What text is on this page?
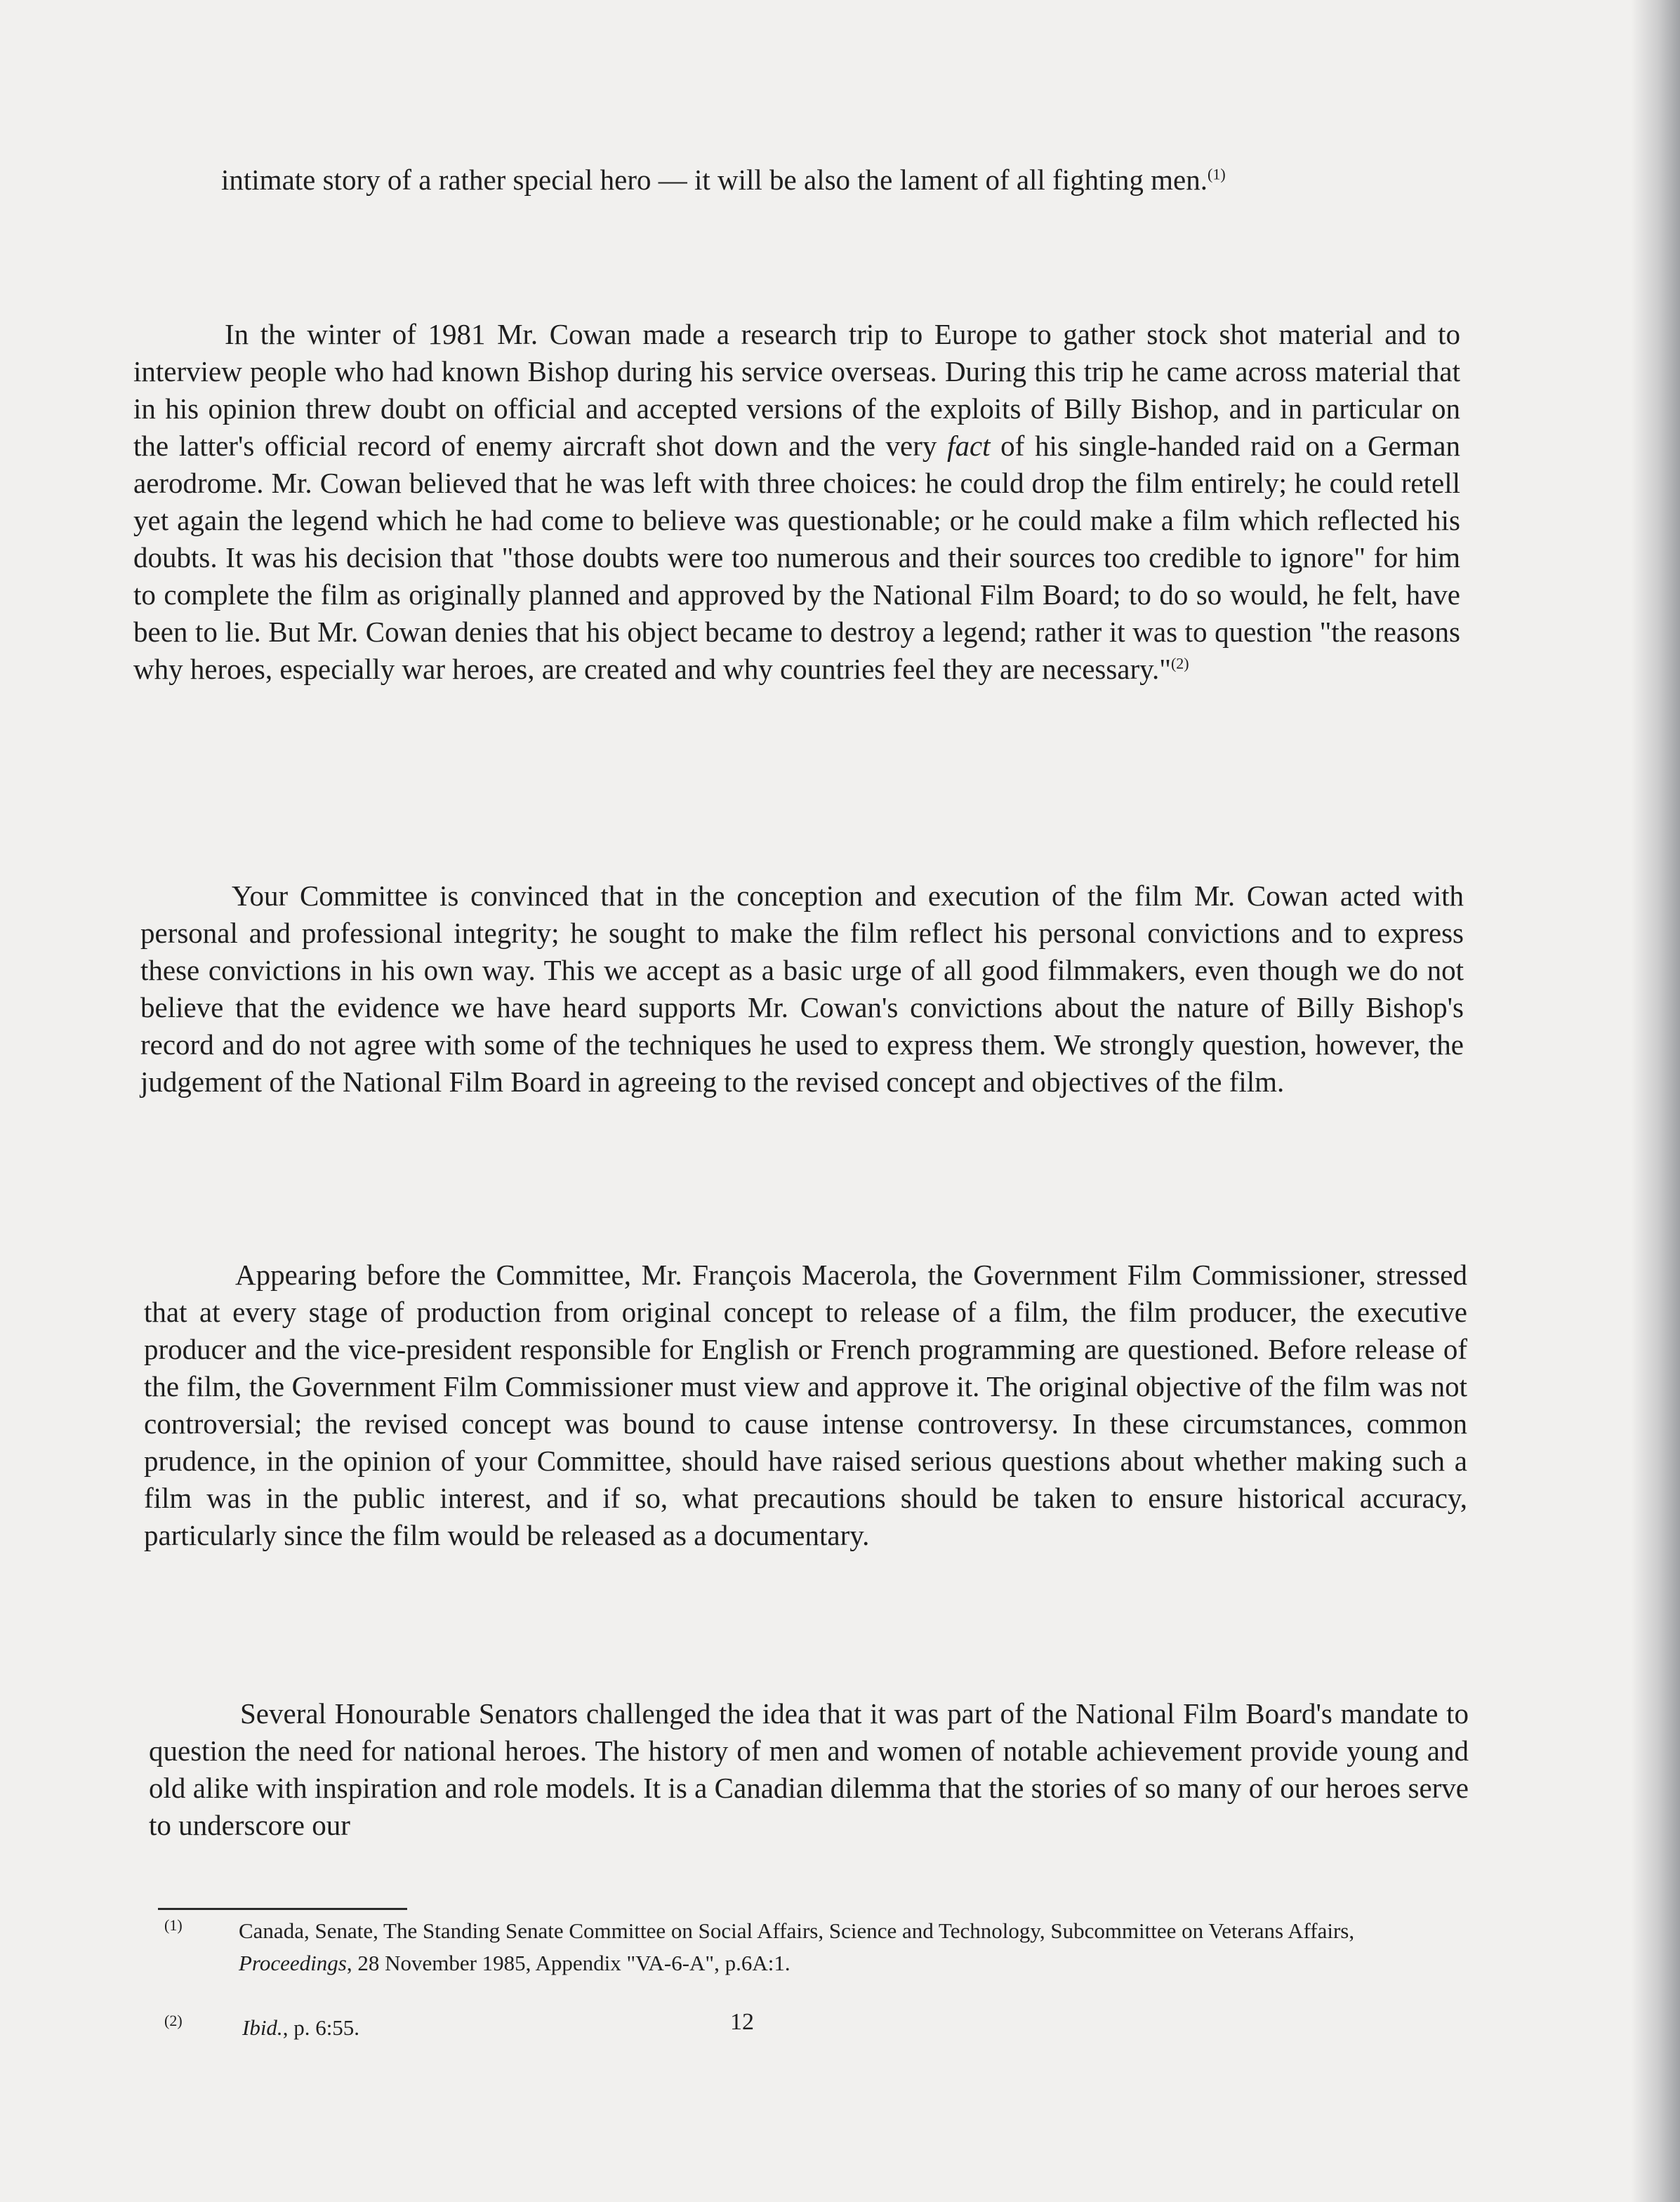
intimate story of a rather special hero — it will be also the lament of all fighting men.$^{(1)}$

In the winter of 1981 Mr. Cowan made a research trip to Europe to gather stock shot material and to interview people who had known Bishop during his service overseas. During this trip he came across material that in his opinion threw doubt on official and accepted versions of the exploits of Billy Bishop, and in particular on the latter's official record of enemy aircraft shot down and the very fact of his single-handed raid on a German aerodrome. Mr. Cowan believed that he was left with three choices: he could drop the film entirely; he could retell yet again the legend which he had come to believe was questionable; or he could make a film which reflected his doubts. It was his decision that "those doubts were too numerous and their sources too credible to ignore" for him to complete the film as originally planned and approved by the National Film Board; to do so would, he felt, have been to lie. But Mr. Cowan denies that his object became to destroy a legend; rather it was to question "the reasons why heroes, especially war heroes, are created and why countries feel they are necessary."$^{(2)}$

Your Committee is convinced that in the conception and execution of the film Mr. Cowan acted with personal and professional integrity; he sought to make the film reflect his personal convictions and to express these convictions in his own way. This we accept as a basic urge of all good filmmakers, even though we do not believe that the evidence we have heard supports Mr. Cowan's convictions about the nature of Billy Bishop's record and do not agree with some of the techniques he used to express them. We strongly question, however, the judgement of the National Film Board in agreeing to the revised concept and objectives of the film.

Appearing before the Committee, Mr. François Macerola, the Government Film Commissioner, stressed that at every stage of production from original concept to release of a film, the film producer, the executive producer and the vice-president responsible for English or French programming are questioned. Before release of the film, the Government Film Commissioner must view and approve it. The original objective of the film was not controversial; the revised concept was bound to cause intense controversy. In these circumstances, common prudence, in the opinion of your Committee, should have raised serious questions about whether making such a film was in the public interest, and if so, what precautions should be taken to ensure historical accuracy, particularly since the film would be released as a documentary.

Several Honourable Senators challenged the idea that it was part of the National Film Board's mandate to question the need for national heroes. The history of men and women of notable achievement provide young and old alike with inspiration and role models. It is a Canadian dilemma that the stories of so many of our heroes serve to underscore our

(1)	Canada, Senate, The Standing Senate Committee on Social Affairs, Science and Technology, Subcommittee on Veterans Affairs, Proceedings, 28 November 1985, Appendix "VA-6-A", p.6A:1.
(2)	Ibid., p. 6:55.	12
